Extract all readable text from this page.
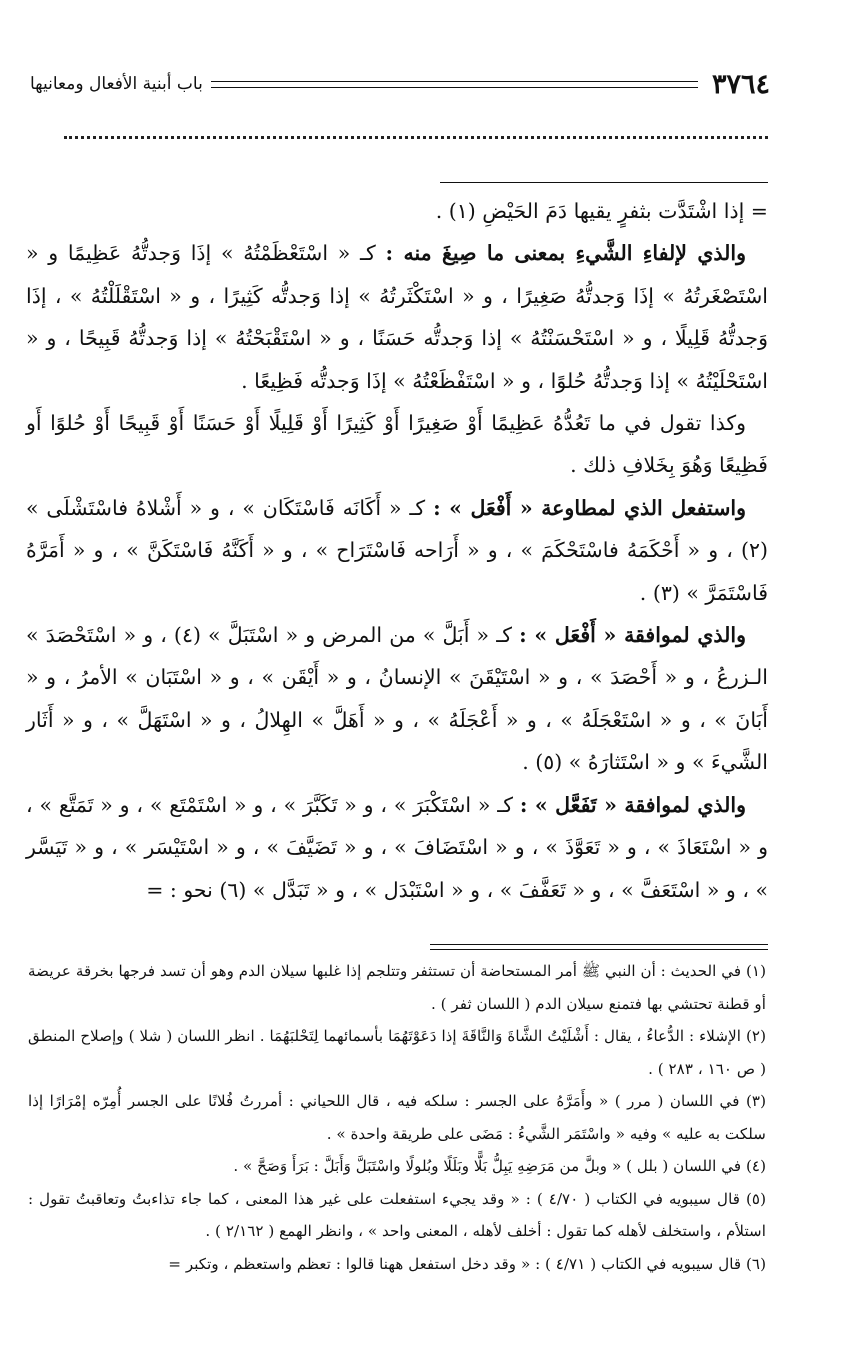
٣٧٦٤
باب أبنية الأفعال ومعانيها

= إذا اشْتَدَّت بثفرٍ يقيها دَمَ الحَيْضِ (١) .

والذي لإلفاءِ الشَّيءِ بمعنى ما صِيغَ منه : كـ « اسْتَعْظَمْتُهُ » إذَا وَجدتُّهُ عَظِيمًا و « اسْتَصْغَرتُهُ » إذَا وَجدتُّهُ صَغِيرًا ، و « اسْتَكْثَرتُهُ » إذا وَجدتُّه كَثِيرًا ، و « اسْتَقْلَلْتُهُ » ، إذَا وَجدتُّهُ قَلِيلًا ، و « اسْتَحْسَنْتُهُ » إذا وَجدتُّه حَسَنًا ، و « اسْتَقْبَحْتُهُ » إذا وَجدتُّهُ قَبِيحًا ، و « اسْتَحْلَيْتُهُ » إذا وَجدتُّهُ حُلوًا ، و « اسْتَفْظَعْتُهُ » إذَا وَجدتُّه فَظِيعًا .

وكذا تقول في ما تَعُدُّهُ عَظِيمًا أَوْ صَغِيرًا أَوْ كَثِيرًا أَوْ قَلِيلًا أَوْ حَسَنًا أَوْ قَبِيحًا أَوْ حُلوًا أَو فَظِيعًا وَهُوَ بِخَلافِ ذلك .

واستفعل الذي لمطاوعة « أَفْعَل » : كـ « أَكَانَه فَاسْتَكَان » ، و « أَشْلاهُ فاسْتَشْلَى » (٢) ، و « أَحْكَمَهُ فاسْتَحْكَمَ » ، و « أَرَاحه فَاسْتَرَاح » ، و « أَكَنَّهُ فَاسْتَكَنَّ » ، و « أَمَرَّهُ فَاسْتَمَرَّ » (٣) .

والذي لموافقة « أَفْعَل » : كـ « أَبَلَّ » من المرض و « اسْتَبَلَّ » (٤) ، و « اسْتَحْصَدَ » الـزرعُ ، و « أَحْصَدَ » ، و « اسْتَيْقَنَ » الإنسانُ ، و « أَيْقَن » ، و « اسْتَبَان » الأمرُ ، و « أَبَانَ » ، و « اسْتَعْجَلَهُ » ، و « أَعْجَلَهُ » ، و « أَهَلَّ » الهِلالُ ، و « اسْتَهَلَّ » ، و « أَثَار الشَّيءَ » و « اسْتَثارَهُ » (٥) .

والذي لموافقة « تَفَعَّل » : كـ « اسْتَكْبَرَ » ، و « تَكَبَّرَ » ، و « اسْتَمْتَع » ، و « تَمَتَّع » ، و « اسْتَعَاذَ » ، و « تَعَوَّذَ » ، و « اسْتَضَافَ » ، و « تَضَيَّفَ » ، و « اسْتَيْسَر » ، و « تَيَسَّر » ، و « اسْتَعَفَّ » ، و « تَعَفَّفَ » ، و « اسْتَبْدَل » ، و « تَبَدَّل » (٦) نحو : =

(١) في الحديث : أن النبي ﷺ أمر المستحاضة أن تستثفر وتتلجم إذا غلبها سيلان الدم وهو أن تسد فرجها بخرقة عريضة أو قطنة تحتشي بها فتمنع سيلان الدم ( اللسان ثفر ) .

(٢) الإشلاء : الدُّعاءُ ، يقال : أَشْلَيْتُ الشَّاةَ وَالنَّاقَةَ إذا دَعَوْتَهُمَا بأسمائهما لِتَحْلبَهُمَا . انظر اللسان ( شلا ) وإصلاح المنطق ( ص ١٦٠ ، ٢٨٣ ) .

(٣) في اللسان ( مرر ) « وأَمَرَّهُ على الجسر : سلكه فيه ، قال اللحياني : أمررتُ فُلانًا على الجسر أُمِرّه إمْرَارًا إذا سلكت به عليه » وفيه « واسْتَمَر الشَّيءُ : مَضَى على طريقة واحدة » .

(٤) في اللسان ( بلل ) « وبلَّ من مَرَضِهِ يَبِلُّ بَلًّا وبَلَلًا وبُلولًا واسْتَبَلَّ وَأَبَلَّ : بَرَأَ وَصَحَّ » .

(٥) قال سيبويه في الكتاب ( ٤/٧٠ ) : « وقد يجيء استفعلت على غير هذا المعنى ، كما جاء تذاءبتُ وتعاقبتُ تقول : استلأم ، واستخلف لأهله كما تقول : أخلف لأهله ، المعنى واحد » ، وانظر الهمع ( ٢/١٦٢ ) .

(٦) قال سيبويه في الكتاب ( ٤/٧١ ) : « وقد دخل استفعل ههنا قالوا : تعظم واستعظم ، وتكبر =
